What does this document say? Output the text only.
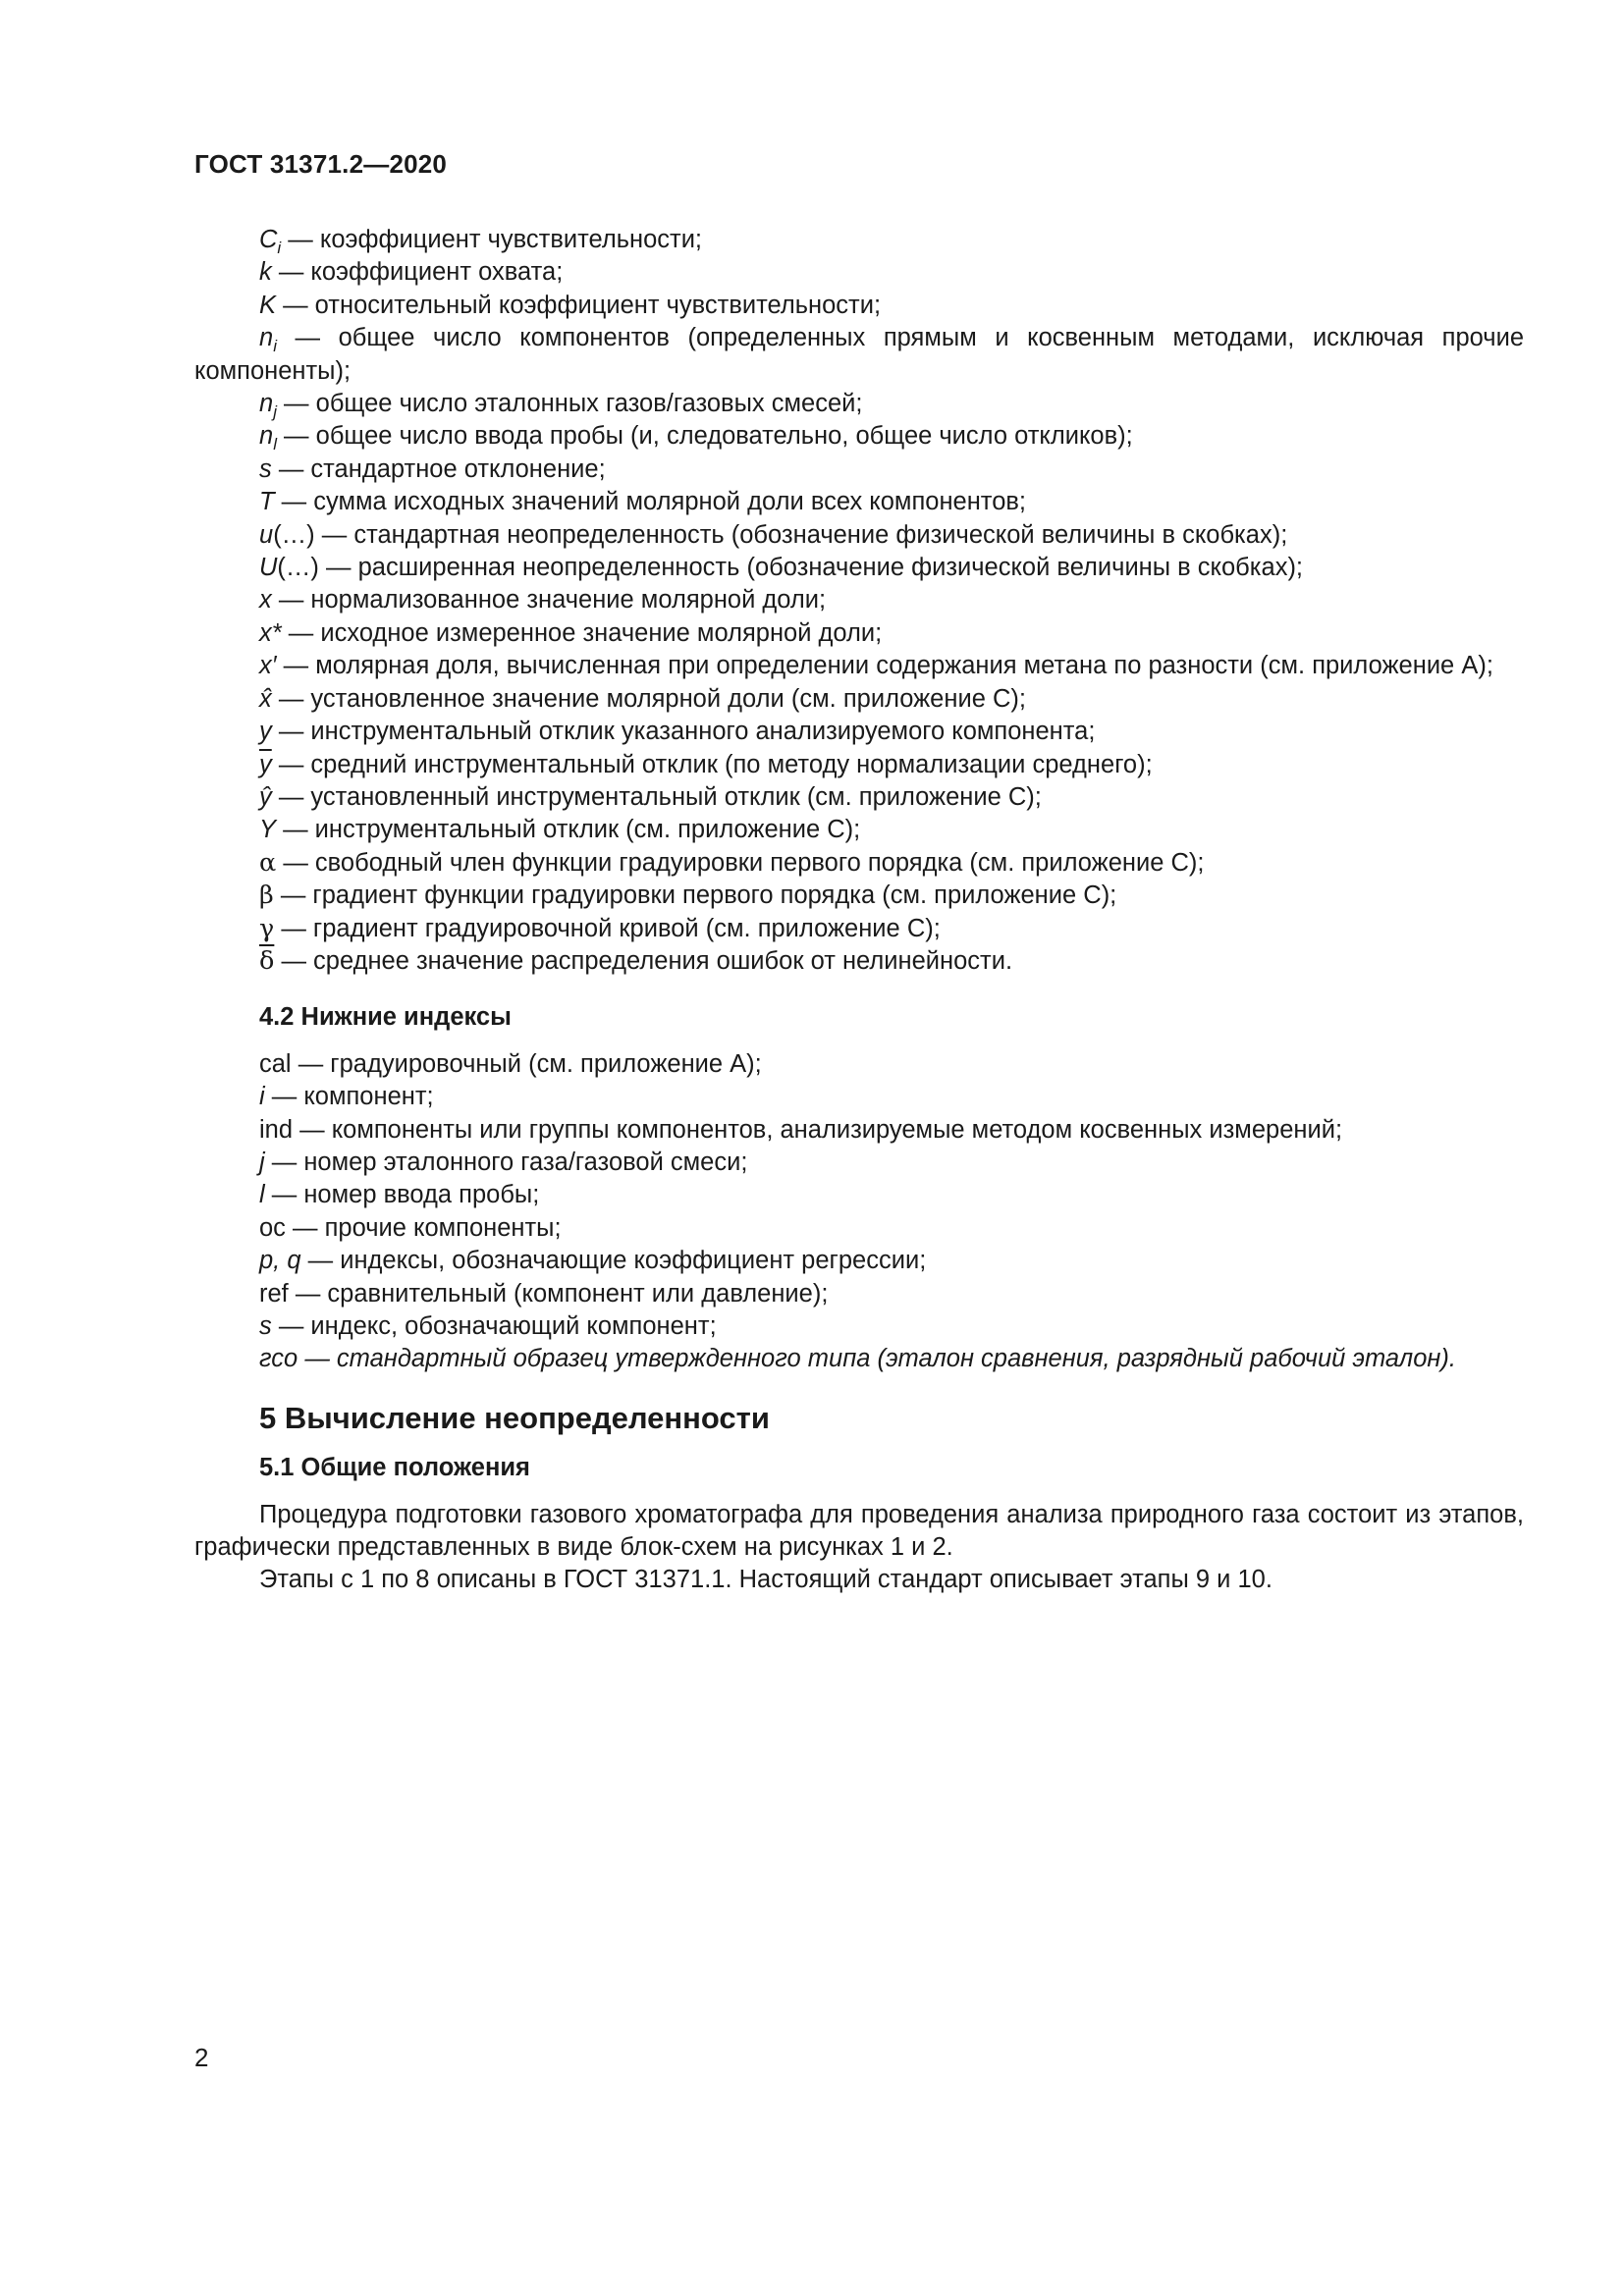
ГОСТ 31371.2—2020

$C_i$ — коэффициент чувствительности;

k — коэффициент охвата;

K — относительный коэффициент чувствительности;

$n_i$ — общее число компонентов (определенных прямым и косвенным методами, исключая прочие компоненты);

$n_j$ — общее число эталонных газов/газовых смесей;

$n_l$ — общее число ввода пробы (и, следовательно, общее число откликов);

s — стандартное отклонение;

T — сумма исходных значений молярной доли всех компонентов;

u(…) — стандартная неопределенность (обозначение физической величины в скобках);

U(…) — расширенная неопределенность (обозначение физической величины в скобках);

x — нормализованное значение молярной доли;

x* — исходное измеренное значение молярной доли;

x′ — молярная доля, вычисленная при определении содержания метана по разности (см. приложение А);

x̂ — установленное значение молярной доли (см. приложение С);

y — инструментальный отклик указанного анализируемого компонента;

$\overline{y}$ — средний инструментальный отклик (по методу нормализации среднего);

ŷ — установленный инструментальный отклик (см. приложение С);

Y — инструментальный отклик (см. приложение С);

α — свободный член функции градуировки первого порядка (см. приложение С);

β — градиент функции градуировки первого порядка (см. приложение С);

γ — градиент градуировочной кривой (см. приложение С);

$\overline{\delta}$ — среднее значение распределения ошибок от нелинейности.

4.2 Нижние индексы

cal — градуировочный (см. приложение А);

i — компонент;

ind — компоненты или группы компонентов, анализируемые методом косвенных измерений;

j — номер эталонного газа/газовой смеси;

l — номер ввода пробы;

oc — прочие компоненты;

p, q — индексы, обозначающие коэффициент регрессии;

ref — сравнительный (компонент или давление);

s — индекс, обозначающий компонент;

гсо — стандартный образец утвержденного типа (эталон сравнения, разрядный рабочий эталон).

5 Вычисление неопределенности
5.1 Общие положения

Процедура подготовки газового хроматографа для проведения анализа природного газа состоит из этапов, графически представленных в виде блок-схем на рисунках 1 и 2.

Этапы с 1 по 8 описаны в ГОСТ 31371.1. Настоящий стандарт описывает этапы 9 и 10.

2
